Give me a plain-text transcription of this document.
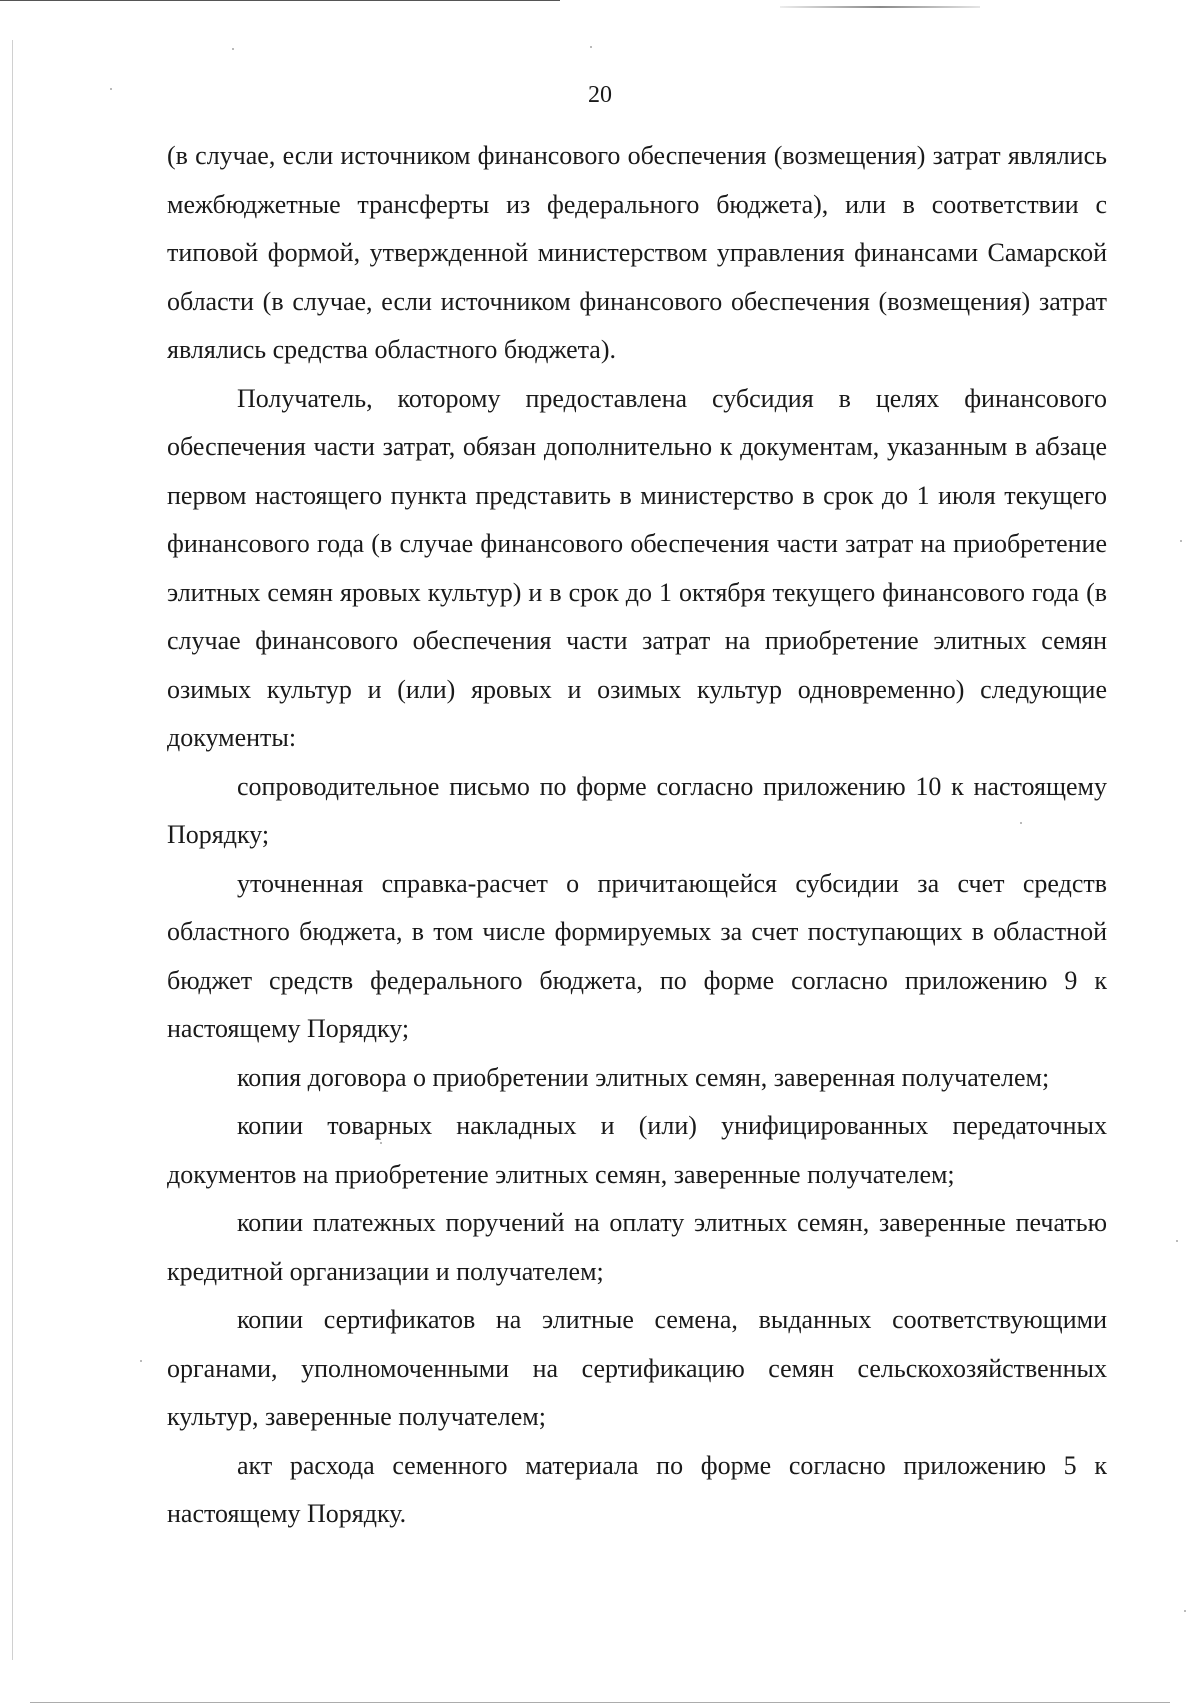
20

(в случае, если источником финансового обеспечения (возмещения) затрат являлись межбюджетные трансферты из федерального бюджета), или в соответствии с типовой формой, утвержденной министерством управления финансами Самарской области (в случае, если источником финансового обеспечения (возмещения) затрат являлись средства областного бюджета).

Получатель, которому предоставлена субсидия в целях финансового обеспечения части затрат, обязан дополнительно к документам, указанным в абзаце первом настоящего пункта представить в министерство в срок до 1 июля текущего финансового года (в случае финансового обеспечения части затрат на приобретение элитных семян яровых культур) и в срок до 1 октября текущего финансового года (в случае финансового обеспечения части затрат на приобретение элитных семян озимых культур и (или) яровых и озимых культур одновременно) следующие документы:

сопроводительное письмо по форме согласно приложению 10 к настоящему Порядку;

уточненная справка-расчет о причитающейся субсидии за счет средств областного бюджета, в том числе формируемых за счет поступающих в областной бюджет средств федерального бюджета, по форме согласно приложению 9 к настоящему Порядку;

копия договора о приобретении элитных семян, заверенная получателем;

копии товарных накладных и (или) унифицированных передаточных документов на приобретение элитных семян, заверенные получателем;

копии платежных поручений на оплату элитных семян, заверенные печатью кредитной организации и получателем;

копии сертификатов на элитные семена, выданных соответствующими органами, уполномоченными на сертификацию семян сельскохозяйственных культур, заверенные получателем;

акт расхода семенного материала по форме согласно приложению 5 к настоящему Порядку.
